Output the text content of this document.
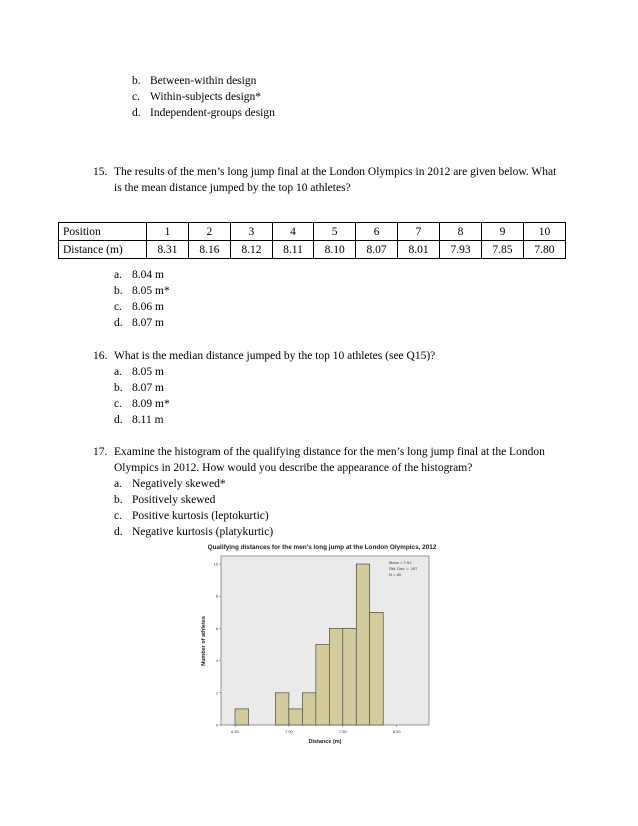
b. Between-within design
c. Within-subjects design*
d. Independent-groups design
15. The results of the men’s long jump final at the London Olympics in 2012 are given below. What
is the mean distance jumped by the top 10 athletes?
Position	1	2	3	4	5	6	7	8	9	10
Distance (m)	8.31	8.16	8.12	8.11	8.10	8.07	8.01	7.93	7.85	7.80
a. 8.04 m
b. 8.05 m*
c. 8.06 m
d. 8.07 m
16. What is the median distance jumped by the top 10 athletes (see Q15)?
a. 8.05 m
b. 8.07 m
c. 8.09 m*
d. 8.11 m
17. Examine the histogram of the qualifying distance for the men’s long jump final at the London
Olympics in 2012. How would you describe the appearance of the histogram?
a. Negatively skewed*
b. Positively skewed
c. Positive kurtosis (leptokurtic)
d. Negative kurtosis (platykurtic)
Qualifying distances for the men's long jump at the London Olympics, 2012
0
2
4
6
8
10
6.50	7.00	7.50	8.00
Number of athletes
Distance (m)
Mean = 7.91
Std. Dev. = .197
N = 40
